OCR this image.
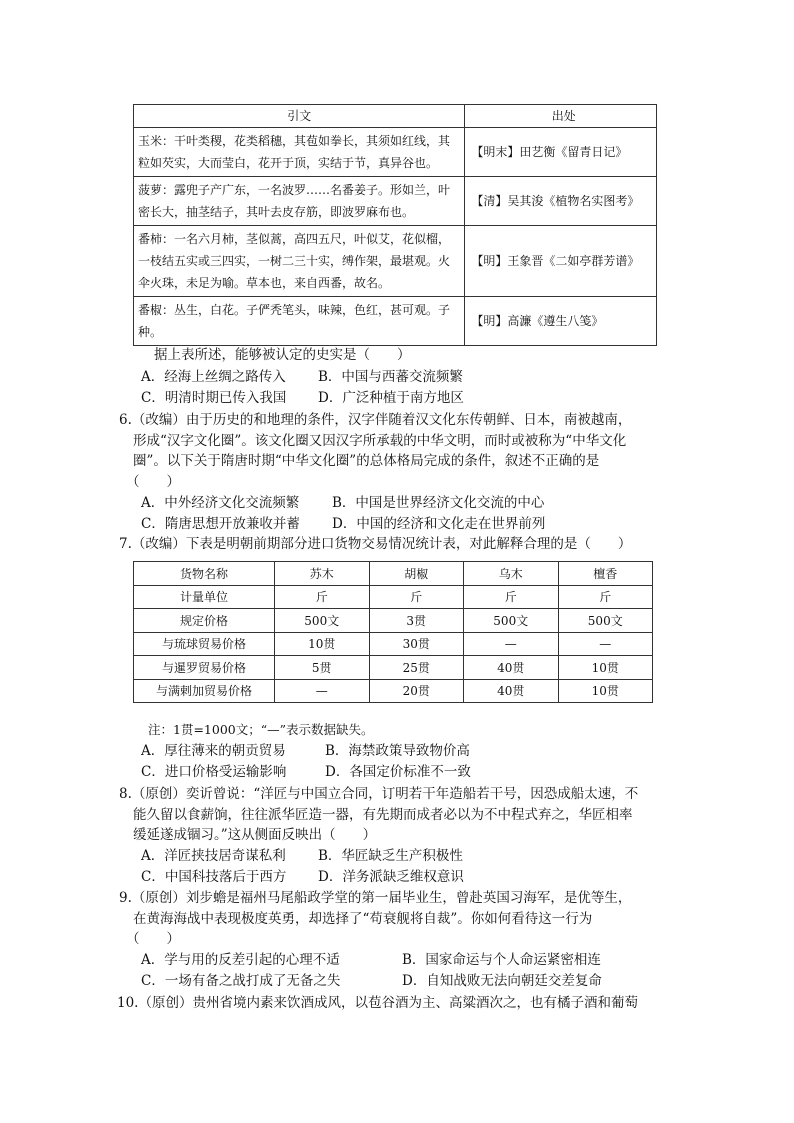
引文	出处
玉米：干叶类稷，花类稻穗，其苞如拳长，其须如红线，其粒如芡实，大而莹白，花开于顶，实结于节，真异谷也。	【明末】田艺衡《留青日记》
菠萝：露兜子产广东，一名波罗……名番姜子。形如兰，叶密长大，抽茎结子，其叶去皮存筋，即波罗麻布也。	【清】吴其浚《植物名实图考》
番柿：一名六月柿，茎似蒿，高四五尺，叶似艾，花似榴，一枝结五实或三四实，一树二三十实，缚作架，最堪观。火伞火珠，未足为喻。草本也，来自西番，故名。	【明】王象晋《二如亭群芳谱》
番椒：丛生，白花。子俨秃笔头，味辣，色红，甚可观。子种。	【明】高濂《遵生八笺》
据上表所述，能够被认定的史实是（　　）
A．经海上丝绸之路传入 B．中国与西蕃交流频繁
C．明清时期已传入我国 D．广泛种植于南方地区
6.（改编）由于历史的和地理的条件，汉字伴随着汉文化东传朝鲜、日本，南被越南，
形成“汉字文化圈”。该文化圈又因汉字所承载的中华文明，而时或被称为“中华文化
圈”。以下关于隋唐时期“中华文化圈”的总体格局完成的条件，叙述不正确的是
（　　）
A．中外经济文化交流频繁 B．中国是世界经济文化交流的中心
C．隋唐思想开放兼收并蓄 D．中国的经济和文化走在世界前列
7.（改编）下表是明朝前期部分进口货物交易情况统计表，对此解释合理的是（　　）
货物名称	苏木	胡椒	乌木	檀香
计量单位	斤	斤	斤	斤
规定价格	500文	3贯	500文	500文
与琉球贸易价格	10贯	30贯	—	—
与暹罗贸易价格	5贯	25贯	40贯	10贯
与满剌加贸易价格	—	20贯	40贯	10贯
注：1贯=1000文；“—”表示数据缺失。
A．厚往薄来的朝贡贸易	B．海禁政策导致物价高
C．进口价格受运输影响	D．各国定价标准不一致
8.（原创）奕䜣曾说：“洋匠与中国立合同，订明若干年造船若干号，因恐成船太速，不
能久留以食薪饷，往往派华匠造一器，有先期而成者必以为不中程式弃之，华匠相率
缓延遂成锢习。”这从侧面反映出（　　）
A．洋匠挟技居奇谋私利 B．华匠缺乏生产积极性
C．中国科技落后于西方 D．洋务派缺乏维权意识
9.（原创）刘步蟾是福州马尾船政学堂的第一届毕业生，曾赴英国习海军，是优等生，
在黄海海战中表现极度英勇，却选择了“苟衰舰将自裁”。你如何看待这一行为
（　　）
A．学与用的反差引起的心理不适	B．国家命运与个人命运紧密相连
C．一场有备之战打成了无备之失	D．自知战败无法向朝廷交差复命
10.（原创）贵州省境内素来饮酒成风，以苞谷酒为主、高粱酒次之，也有橘子酒和葡萄
